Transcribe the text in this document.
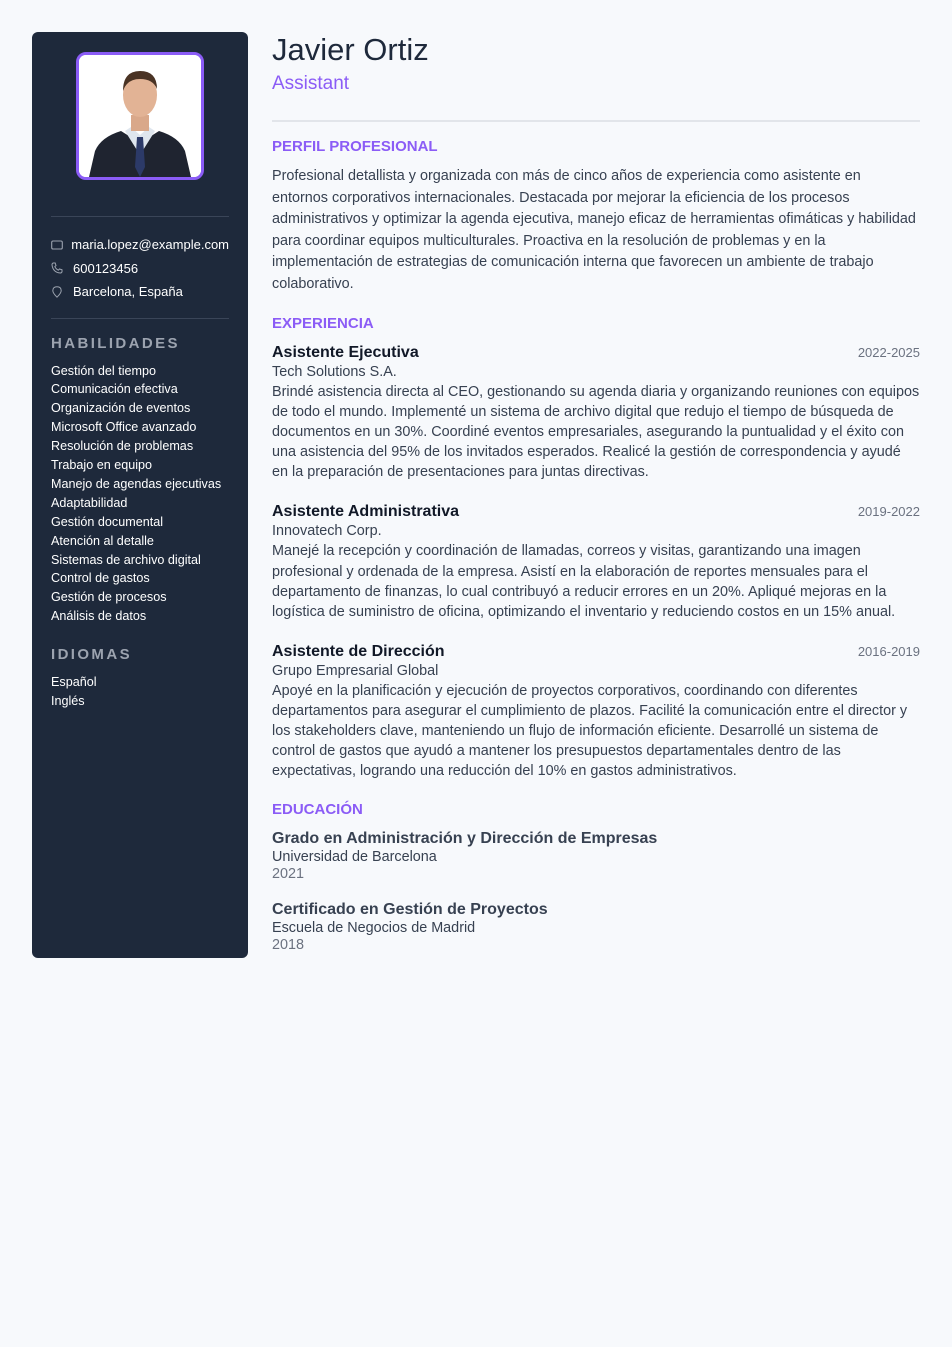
maria.lopez@example.com
600123456
Barcelona, España
HABILIDADES
Gestión del tiempo
Comunicación efectiva
Organización de eventos
Microsoft Office avanzado
Resolución de problemas
Trabajo en equipo
Manejo de agendas ejecutivas
Adaptabilidad
Gestión documental
Atención al detalle
Sistemas de archivo digital
Control de gastos
Gestión de procesos
Análisis de datos
IDIOMAS
Español
Inglés
Javier Ortiz
Assistant
PERFIL PROFESIONAL

Profesional detallista y organizada con más de cinco años de experiencia como asistente en entornos corporativos internacionales. Destacada por mejorar la eficiencia de los procesos administrativos y optimizar la agenda ejecutiva, manejo eficaz de herramientas ofimáticas y habilidad para coordinar equipos multiculturales. Proactiva en la resolución de problemas y en la implementación de estrategias de comunicación interna que favorecen un ambiente de trabajo colaborativo.

EXPERIENCIA
Asistente Ejecutiva	2022-2025
Tech Solutions S.A.

Brindé asistencia directa al CEO, gestionando su agenda diaria y organizando reuniones con equipos de todo el mundo. Implementé un sistema de archivo digital que redujo el tiempo de búsqueda de documentos en un 30%. Coordiné eventos empresariales, asegurando la puntualidad y el éxito con una asistencia del 95% de los invitados esperados. Realicé la gestión de correspondencia y ayudé en la preparación de presentaciones para juntas directivas.

Asistente Administrativa	2019-2022
Innovatech Corp.

Manejé la recepción y coordinación de llamadas, correos y visitas, garantizando una imagen profesional y ordenada de la empresa. Asistí en la elaboración de reportes mensuales para el departamento de finanzas, lo cual contribuyó a reducir errores en un 20%. Apliqué mejoras en la logística de suministro de oficina, optimizando el inventario y reduciendo costos en un 15% anual.

Asistente de Dirección	2016-2019
Grupo Empresarial Global

Apoyé en la planificación y ejecución de proyectos corporativos, coordinando con diferentes departamentos para asegurar el cumplimiento de plazos. Facilité la comunicación entre el director y los stakeholders clave, manteniendo un flujo de información eficiente. Desarrollé un sistema de control de gastos que ayudó a mantener los presupuestos departamentales dentro de las expectativas, logrando una reducción del 10% en gastos administrativos.

EDUCACIÓN
Grado en Administración y Dirección de Empresas
Universidad de Barcelona
2021
Certificado en Gestión de Proyectos
Escuela de Negocios de Madrid
2018
